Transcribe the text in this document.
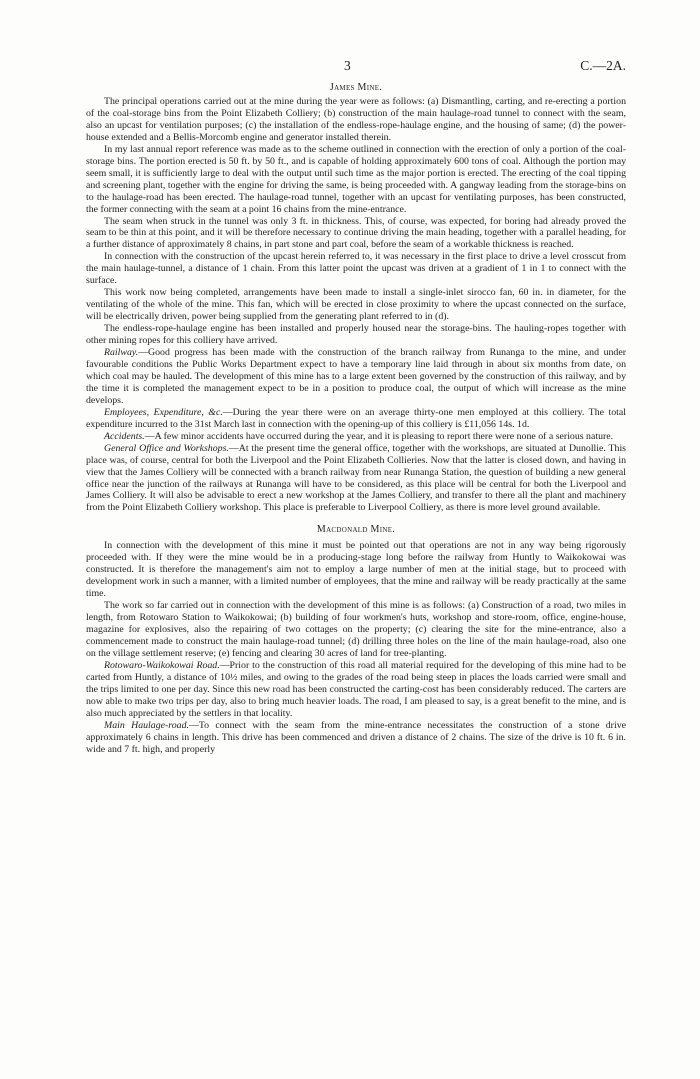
3	C.—2A.
James Mine.

The principal operations carried out at the mine during the year were as follows: (a) Dismantling, carting, and re-erecting a portion of the coal-storage bins from the Point Elizabeth Colliery; (b) construction of the main haulage-road tunnel to connect with the seam, also an upcast for ventilation purposes; (c) the installation of the endless-rope-haulage engine, and the housing of same; (d) the power-house extended and a Bellis-Morcomb engine and generator installed therein.

In my last annual report reference was made as to the scheme outlined in connection with the erection of only a portion of the coal-storage bins. The portion erected is 50 ft. by 50 ft., and is capable of holding approximately 600 tons of coal. Although the portion may seem small, it is sufficiently large to deal with the output until such time as the major portion is erected. The erecting of the coal tipping and screening plant, together with the engine for driving the same, is being proceeded with. A gangway leading from the storage-bins on to the haulage-road has been erected. The haulage-road tunnel, together with an upcast for ventilating purposes, has been constructed, the former connecting with the seam at a point 16 chains from the mine-entrance.

The seam when struck in the tunnel was only 3 ft. in thickness. This, of course, was expected, for boring had already proved the seam to be thin at this point, and it will be therefore necessary to continue driving the main heading, together with a parallel heading, for a further distance of approximately 8 chains, in part stone and part coal, before the seam of a workable thickness is reached.

In connection with the construction of the upcast herein referred to, it was necessary in the first place to drive a level crosscut from the main haulage-tunnel, a distance of 1 chain. From this latter point the upcast was driven at a gradient of 1 in 1 to connect with the surface.

This work now being completed, arrangements have been made to install a single-inlet sirocco fan, 60 in. in diameter, for the ventilating of the whole of the mine. This fan, which will be erected in close proximity to where the upcast connected on the surface, will be electrically driven, power being supplied from the generating plant referred to in (d).

The endless-rope-haulage engine has been installed and properly housed near the storage-bins. The hauling-ropes together with other mining ropes for this colliery have arrived.

Railway.—Good progress has been made with the construction of the branch railway from Runanga to the mine, and under favourable conditions the Public Works Department expect to have a temporary line laid through in about six months from date, on which coal may be hauled. The development of this mine has to a large extent been governed by the construction of this railway, and by the time it is completed the management expect to be in a position to produce coal, the output of which will increase as the mine develops.

Employees, Expenditure, &c.—During the year there were on an average thirty-one men employed at this colliery. The total expenditure incurred to the 31st March last in connection with the opening-up of this colliery is £11,056 14s. 1d.

Accidents.—A few minor accidents have occurred during the year, and it is pleasing to report there were none of a serious nature.

General Office and Workshops.—At the present time the general office, together with the workshops, are situated at Dunollie. This place was, of course, central for both the Liverpool and the Point Elizabeth Collieries. Now that the latter is closed down, and having in view that the James Colliery will be connected with a branch railway from near Runanga Station, the question of building a new general office near the junction of the railways at Runanga will have to be considered, as this place will be central for both the Liverpool and James Colliery. It will also be advisable to erect a new workshop at the James Colliery, and transfer to there all the plant and machinery from the Point Elizabeth Colliery workshop. This place is preferable to Liverpool Colliery, as there is more level ground available.

Macdonald Mine.

In connection with the development of this mine it must be pointed out that operations are not in any way being rigorously proceeded with. If they were the mine would be in a producing-stage long before the railway from Huntly to Waikokowai was constructed. It is therefore the management's aim not to employ a large number of men at the initial stage, but to proceed with development work in such a manner, with a limited number of employees, that the mine and railway will be ready practically at the same time.

The work so far carried out in connection with the development of this mine is as follows: (a) Construction of a road, two miles in length, from Rotowaro Station to Waikokowai; (b) building of four workmen's huts, workshop and store-room, office, engine-house, magazine for explosives, also the repairing of two cottages on the property; (c) clearing the site for the mine-entrance, also a commencement made to construct the main haulage-road tunnel; (d) drilling three holes on the line of the main haulage-road, also one on the village settlement reserve; (e) fencing and clearing 30 acres of land for tree-planting.

Rotowaro-Waikokowai Road.—Prior to the construction of this road all material required for the developing of this mine had to be carted from Huntly, a distance of 10½ miles, and owing to the grades of the road being steep in places the loads carried were small and the trips limited to one per day. Since this new road has been constructed the carting-cost has been considerably reduced. The carters are now able to make two trips per day, also to bring much heavier loads. The road, I am pleased to say, is a great benefit to the mine, and is also much appreciated by the settlers in that locality.

Main Haulage-road.—To connect with the seam from the mine-entrance necessitates the construction of a stone drive approximately 6 chains in length. This drive has been commenced and driven a distance of 2 chains. The size of the drive is 10 ft. 6 in. wide and 7 ft. high, and properly
